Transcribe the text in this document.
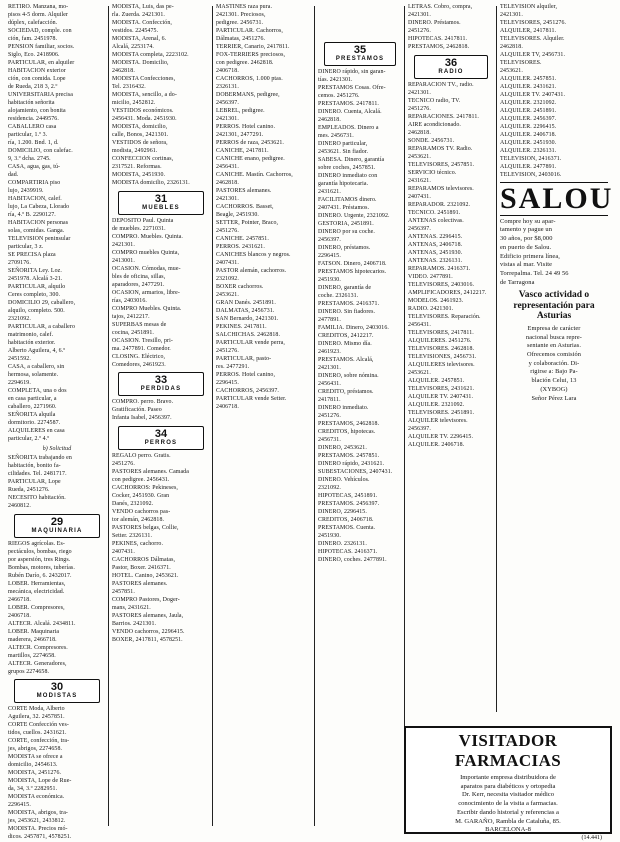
RETIRO. Manzana, mo-
pisos 4-5 dorm. Alquiler
dúplex, calefacción.
SOCIEDAD, comple. con
ción, fam. 2451978.
PENSION familiar, socios.
Siglo, Eco. 2418906.
PARTICULAR, en alquiler
HABITACION exterior
ción, con comida. Lope
de Rueda, 218 3, 2.º
UNIVERSITARIA precisa
habitación señorita
alojamiento, con bonita
residencia. 2449576.
CABALLERO casa
particular, 1.º 3.
ría, 1.200. Bnd. 1, d.
DOMICILIO, con calefac.
9, 3.º dcha. 2745.
CASA, agua, gas, tú-
dad.
COMPARTIRIA piso
lujo, 2439919.
HABITACION, calef.
lujo, La Cabeza, Llorado
ría, 4.º B. 2290127.
HABITACION personas
solas, comidas. Ganga.
TELEVISION peninsular
particular, 3 z.
SE PRECISA plaza
2709176.
SEÑORITA Ley. Loz.
2451978. Alcalá 3-21.
PARTICULAR, alquilo
Ceres completo, 300.
DOMICILIO 29, caballero,
alquilo, completo. 500.
2321092.
PARTICULAR, a caballero
matrimonio, calef.
habitación exterior.
Alberto Aguilera, 4, 6.º
2451592.
CASA, a caballero, sin
hermosa, solamente.
2294619.
COMPLETA, una o dos
en casa particular, a
caballero, 2271960.
SEÑORITA alquila
dormitorio. 2274587.
ALQUILERES en casa
particular, 2.º 4.º
b) Solicitud
SEÑORITA trabajando en
habitación, bonito fa-
cilidades. Tel. 2481717.
PARTICULAR, Lope
Rueda, 2451276.
NECESITO habitación.
2460812.
29
MAQUINARIA
RIEGOS agrícolas. Es-
pectáculos, bombas, riego
por aspersión, tres Rings.
Bombas, motores, tuberías.
Rubén Darío, 6. 2432017.
LOBER. Herramientas,
mecánica, electricidad.
2466718.
LOBER. Compresores,
2406718.
ALTECR. Alcalá. 2434811.
LOBER. Maquinaria
maderera, 2466718.
ALTECR. Compresores.
martillos, 2274658.
ALTECR. Generadores,
grupos 2274658.
30
MODISTAS
CORTE Moda, Alberto
Aguilera, 32. 2457851.
CORTE Confección ves-
tidos, cuellos. 2431621.
CORTE, confección, tra-
jes, abrigos, 2274658.
MODISTA se ofrece a
domicilio, 2454613.
MODISTA, 2451276.
MODISTA, Lope de Rue-
da, 34, 3.º 2282951.
MODISTA económica.
2296415.
MODISTA, abrigos, tra-
jes, 2453621, 2433812.
MODISTA. Precios mó-
dicos. 2457871, 4578251.
MODISTA, Luis, das pe-
rla. Zuerda. 2421301.
MODISTA. Confección,
vestidos. 2245475.
MODISTA, Arenal, 6.
Alcalá, 2253174.
MODISTA completa, 2223102.
MODISTA. Domicilio,
2462818.
MODISTA Confecciones,
Tel. 2316432.
MODISTA, sencillo, a do-
micilio, 2452812.
VESTIDOS económicos.
2456431. Moda. 2451930.
MODISTA, domicilio,
calle, Bonos, 2421301.
VESTIDOS de señora,
modista, 2492961.
CONFECCION cortinas,
2317521. Reformas.
MODISTA, 2451930.
MODISTA domicilio, 2326131.
31
MUEBLES
DEPOSITO Paul. Quinta
de muebles. 2271031.
COMPRO. Muebles. Quinta.
2421301.
COMPRO muebles Quinta,
2413001.
OCASION. Cómodas, mue-
bles de oficina, sillas,
aparadores, 2477291.
OCASION, armarios, libre-
rías, 2403016.
COMPRO Muebles. Quinta.
tajos, 2412217.
SUPERBAS mesas de
cocina, 2451891.
OCASION. Tresillo, pri-
ma. 2477891. Comedor.
CLOSING. Eléctrico,
Comedores, 2461923.
33
PERDIDAS
COMPRO. perro. Bravo.
Gratificación. Paseo
Infanta Isabel, 2456397.
34
PERROS
REGALO perro. Gratis.
2451276.
PASTORES alemanes. Camada
con pedigree. 2456431.
CACHORROS: Pekineses,
Cocker, 2451930. Gran
Danés, 2321092.
VENDO cachorros pas-
tor alemán, 2462818.
PASTORES belgas, Collie,
Setter. 2326131.
PEKINES, cachorro.
2407431.
CACHORROS Dálmatas,
Pastor, Boxer. 2416371.
HOTEL. Canino, 2453621.
PASTORES alemanes.
2457851.
COMPRO Pastores, Doger-
mans, 2431621.
PASTORES alemanes, Jaula,
Barrios. 2421301.
VENDO cachorros, 2296415.
BOXER, 2417811, 4578251.
MASTINES raza pura.
2421301. Preciosos,
pedigree. 2456731.
PARTICULAR. Cachorros,
Dálmatas, 2451276.
TERRIER, Canario, 2417811.
FOX-TERRIERS preciosos,
con pedigree. 2462818.
2406718.
CACHORROS, 1.000 ptas.
2326131.
DOBERMANS, pedigree,
2456397.
LEBREL, pedigree.
2421301.
PERROS. Hotel canino.
2421301, 2477291.
PERROS de raza, 2453621.
CANICHE, 2417811.
CANICHE enano, pedigree.
2456431.
CANICHE. Mastín. Cachorros,
2462818.
PASTORES alemanes.
2421301.
CACHORROS. Basset,
Beagle, 2451930.
SETTER, Pointer, Braco,
2451276.
CANICHE. 2457851.
PERROS. 2431621.
CANICHES blancos y negros.
2407431.
PASTOR alemán, cachorros.
2321092.
BOXER cachorros.
2453621.
GRAN Danés. 2451891.
DALMATAS, 2456731.
SAN Bernardo, 2421301.
PEKINES. 2417811.
SALCHICHAS. 2462818.
PARTICULAR vende perra,
2451276.
PARTICULAR, pasto-
res. 2477291.
PERROS. Hotel canino,
2296415.
CACHORROS, 2456397.
PARTICULAR vende Setter.
2406718.
35
PRESTAMOS
DINERO rápido, sin garan-
tías. 2421301.
PRESTAMOS Cosas. Ofre-
cemos. 2451276.
PRESTAMOS. 2417811.
DINERO. Cuenta, Alcalá.
2462818.
EMPLEADOS. Dinero a
mes. 2456731.
DINERO particular,
2453621. Sin fiador.
SABESA. Dinero, garantía
sobre coches, 2457851.
DINERO inmediato con
garantía hipotecaria.
2431621.
FACILITAMOS dinero.
2407431. Préstamos.
DINERO. Urgente, 2321092.
GESTORIA, 2451891.
DINERO por su coche.
2456397.
DINERO, préstamos.
2296415.
FATSON. Dinero, 2406718.
PRESTAMOS hipotecarios.
2451930.
DINERO, garantía de
coche. 2326131.
PRESTAMOS. 2416371.
DINERO. Sin fiadores.
2477891.
FAMILIA. Dinero, 2403016.
CREDITOS, 2412217.
DINERO. Mismo día.
2461923.
PRESTAMOS. Alcalá,
2421301.
DINERO, sobre nómina.
2456431.
CREDITO, préstamos.
2417811.
DINERO inmediato.
2451276.
PRESTAMOS, 2462818.
CREDITOS, hipotecas.
2456731.
DINERO, 2453621.
PRESTAMOS. 2457851.
DINERO rápido, 2431621.
SUBESTACIONES, 2407431.
DINERO. Vehículos.
2321092.
HIPOTECAS, 2451891.
PRESTAMOS. 2456397.
DINERO, 2296415.
CREDITOS, 2406718.
PRESTAMOS. Cuenta.
2451930.
DINERO. 2326131.
HIPOTECAS. 2416371.
DINERO, coches. 2477891.
LETRAS. Cobro, compra,
2421301.
DINERO. Préstamos.
2451276.
HIPOTECAS. 2417811.
PRESTAMOS, 2462818.
36
RADIO
REPARACION TV., radio.
2421301.
TECNICO radio, TV.
2451276.
REPARACIONES. 2417811.
AIRE acondicionado.
2462818.
SONDE. 2456731.
REPARAMOS TV. Radio.
2453621.
TELEVISORES, 2457851.
SERVICIO técnico.
2431621.
REPARAMOS televisores.
2407431.
REPARADOR. 2321092.
TECNICO. 2451891.
ANTENAS colectivas.
2456397.
ANTENAS. 2296415.
ANTENAS, 2406718.
ANTENAS, 2451930.
ANTENAS. 2326131.
REPARAMOS. 2416371.
VIDEO. 2477891.
TELEVISORES, 2403016.
AMPLIFICADORES, 2412217.
MODELOS. 2461923.
RADIO. 2421301.
TELEVISORES. Reparación.
2456431.
TELEVISORES, 2417811.
ALQUILERES. 2451276.
TELEVISORES. 2462818.
TELEVISIONES, 2456731.
ALQUILERES televisores.
2453621.
ALQUILER. 2457851.
TELEVISORES, 2431621.
ALQUILER TV. 2407431.
ALQUILER. 2321092.
TELEVISORES. 2451891.
ALQUILER televisores.
2456397.
ALQUILER TV. 2296415.
ALQUILER. 2406718.
TELEVISION alquiler,
2421301.
TELEVISORES, 2451276.
ALQUILER, 2417811.
TELEVISORES. Alquiler.
2462818.
ALQUILER TV, 2456731.
TELEVISORES.
2453621.
ALQUILER. 2457851.
ALQUILER. 2431621.
ALQUILER TV. 2407431.
ALQUILER. 2321092.
ALQUILER. 2451891.
ALQUILER. 2456397.
ALQUILER. 2296415.
ALQUILER. 2406718.
ALQUILER. 2451930.
ALQUILER. 2326131.
TELEVISION, 2416371.
ALQUILER. 2477891.
TELEVISION, 2403016.
SALOU
Compre hoy su apar-
tamento y pague un
30 años, por $8,000
en puerto de Salou.
Edificio primera línea,
vistas al mar. Visite
Torrepalma. Tel. 24 49 56
de Tarragona
Vasco actividad o representación para Asturias
Empresa de carácter
nacional busca repre-
sentante en Asturias.
Ofrecemos comisión
y colaboración. Di-
rigirse a: Bajo Pa-
blación Celui, 13
(XYBOG)
Señor Pérez Lara
VISITADOR FARMACIAS
Importante empresa distribuidora de
aparatos para diabéticos y ortopedia
Dr. Kerr, necesita visitador médico
conocimiento de la visita a farmacias.
Escribir dando historial y referencias a
M. GARAÑO, Rambla de Cataluña, 85.
BARCELONA-8
(14.441)
